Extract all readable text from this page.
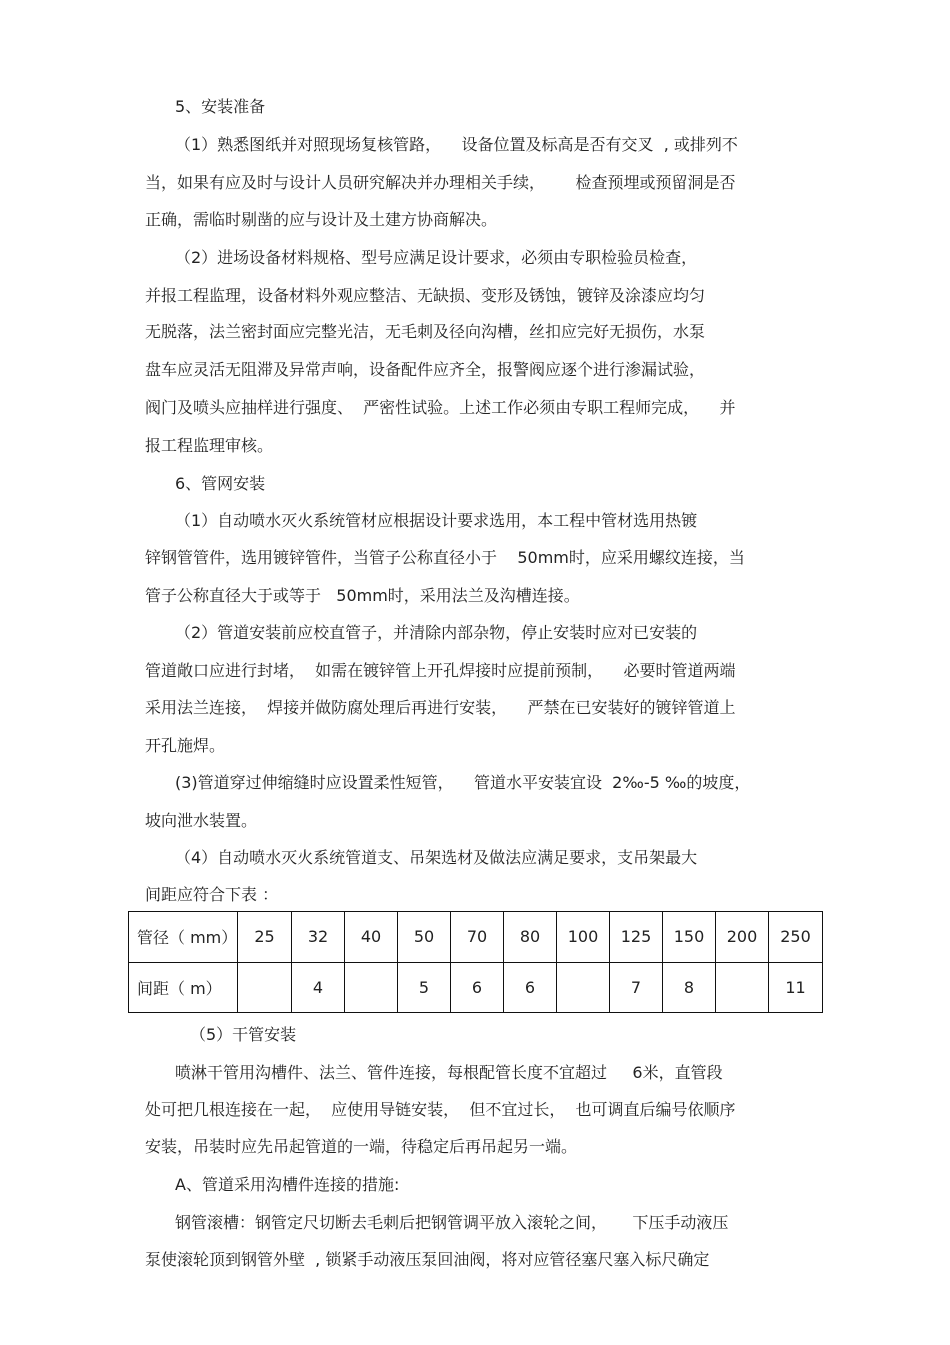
5、安装准备
（1）熟悉图纸并对照现场复核管路，    设备位置及标高是否有交叉  , 或排列不
当，如果有应及时与设计人员研究解决并办理相关手续，      检查预埋或预留洞是否
正确，需临时剔凿的应与设计及土建方协商解决。
（2）进场设备材料规格、型号应满足设计要求，必须由专职检验员检查，
并报工程监理，设备材料外观应整洁、无缺损、变形及锈蚀，镀锌及涂漆应均匀
无脱落，法兰密封面应完整光洁，无毛刺及径向沟槽，丝扣应完好无损伤，水泵
盘车应灵活无阻滞及异常声响，设备配件应齐全，报警阀应逐个进行渗漏试验，
阀门及喷头应抽样进行强度、  严密性试验。上述工作必须由专职工程师完成，    并
报工程监理审核。
6、管网安装
（1）自动喷水灭火系统管材应根据设计要求选用，本工程中管材选用热镀
锌钢管管件，选用镀锌管件，当管子公称直径小于    50mm时，应采用螺纹连接，当
管子公称直径大于或等于   50mm时，采用法兰及沟槽连接。
（2）管道安装前应校直管子，并清除内部杂物，停止安装时应对已安装的
管道敞口应进行封堵，  如需在镀锌管上开孔焊接时应提前预制，    必要时管道两端
采用法兰连接，  焊接并做防腐处理后再进行安装，    严禁在已安装好的镀锌管道上
开孔施焊。
(3)管道穿过伸缩缝时应设置柔性短管，    管道水平安装宜设  2‰-5 ‰的坡度，
坡向泄水装置。
（4）自动喷水灭火系统管道支、吊架选材及做法应满足要求，支吊架最大
间距应符合下表 ：
管径（ mm）	25	32	40	50	70	80	100	125	150	200	250
间距（ m）		4		5	6	6		7	8		11
（5）干管安装
喷淋干管用沟槽件、法兰、管件连接，每根配管长度不宜超过     6米，直管段
处可把几根连接在一起，  应使用导链安装，  但不宜过长，  也可调直后编号依顺序
安装，吊装时应先吊起管道的一端，待稳定后再吊起另一端。
A、管道采用沟槽件连接的措施:
钢管滚槽：钢管定尺切断去毛刺后把钢管调平放入滚轮之间，     下压手动液压
泵使滚轮顶到钢管外壁  , 锁紧手动液压泵回油阀，将对应管径塞尺塞入标尺确定
